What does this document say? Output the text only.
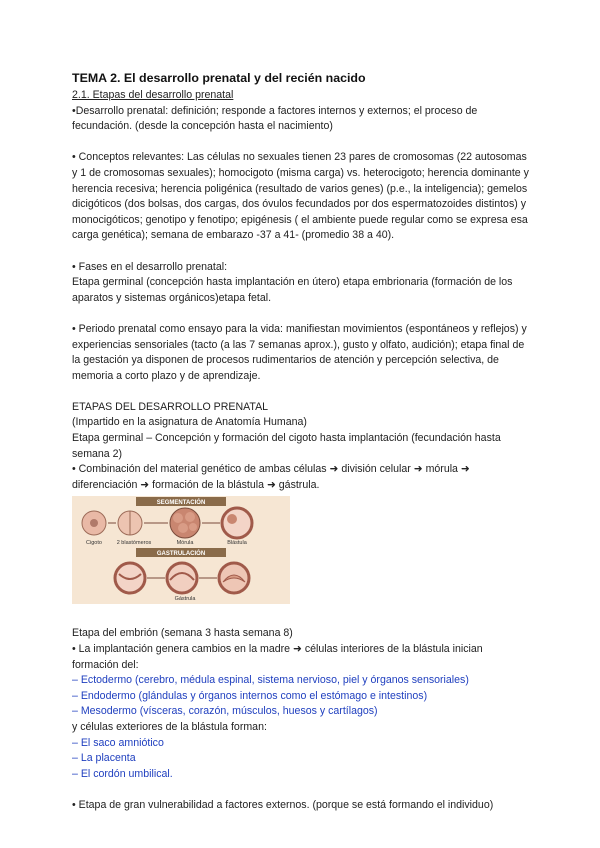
TEMA 2. El desarrollo prenatal y del recién nacido

2.1. Etapas del desarrollo prenatal

•Desarrollo prenatal: definición; responde a factores internos y externos; el proceso de fecundación. (desde la concepción hasta el nacimiento)

• Conceptos relevantes: Las células no sexuales tienen 23 pares de cromosomas (22 autosomas y 1 de cromosomas sexuales); homocigoto (misma carga) vs. heterocigoto; herencia dominante y herencia recesiva; herencia poligénica (resultado de varios genes) (p.e., la inteligencia); gemelos dicigóticos (dos bolsas, dos cargas, dos óvulos fecundados por dos espermatozoides distintos) y monocigóticos; genotipo y fenotipo; epigénesis ( el ambiente puede regular como se expresa esa carga genética); semana de embarazo -37 a 41- (promedio 38 a 40).

• Fases en el desarrollo prenatal:

Etapa germinal (concepción hasta implantación en útero) etapa embrionaria (formación de los aparatos y sistemas orgánicos)etapa fetal.

• Periodo prenatal como ensayo para la vida: manifiestan movimientos (espontáneos y reflejos) y experiencias sensoriales (tacto (a las 7 semanas aprox.), gusto y olfato, audición); etapa final de la gestación ya disponen de procesos rudimentarios de atención y percepción selectiva, de memoria a corto plazo y de aprendizaje.

ETAPAS DEL DESARROLLO PRENATAL

(Impartido en la asignatura de Anatomía Humana)

Etapa germinal – Concepción y formación del cigoto hasta implantación (fecundación hasta semana 2)

• Combinación del material genético de ambas células ➜ división celular ➜ mórula ➜ diferenciación ➜ formación de la blástula ➜ gástrula.

SEGMENTACIÓN
Cigoto	2 blastómeros	Mórula	Blástula
GASTRULACIÓN
Gástrula

Etapa del embrión (semana 3 hasta semana 8)

• La implantación genera cambios en la madre ➜ células interiores de la blástula inician formación del:

– Ectodermo (cerebro, médula espinal, sistema nervioso, piel y órganos sensoriales)

– Endodermo (glándulas y órganos internos como el estómago e intestinos)

– Mesodermo (vísceras, corazón, músculos, huesos y cartílagos)

y células exteriores de la blástula forman:

– El saco amniótico

– La placenta

– El cordón umbilical.

• Etapa de gran vulnerabilidad a factores externos. (porque se está formando el individuo)
